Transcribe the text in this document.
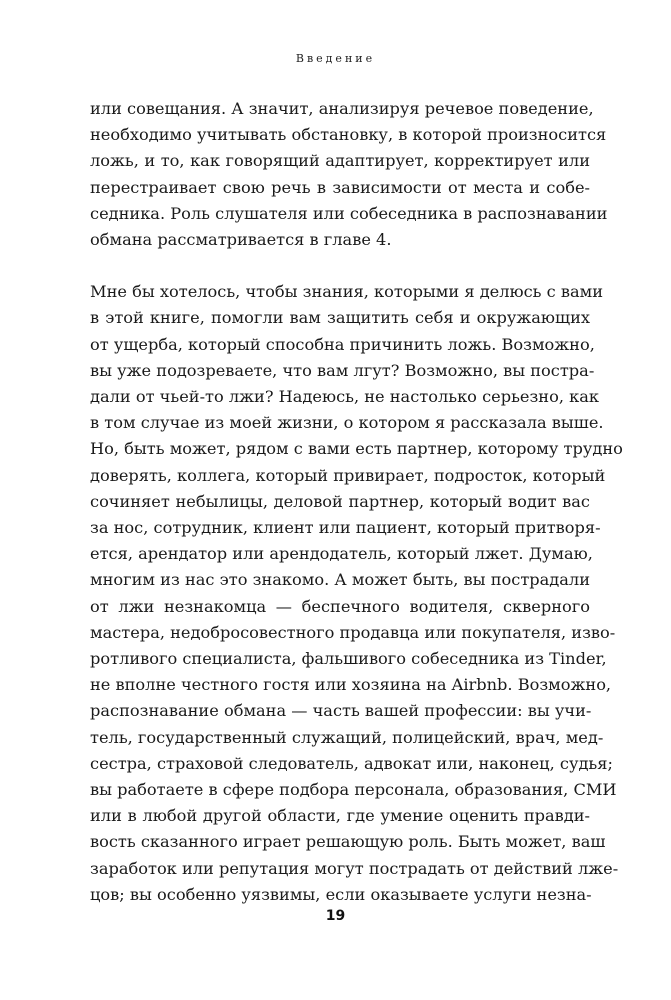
Введение

или совещания. А значит, анализируя речевое поведение,
необходимо учитывать обстановку, в которой произносится
ложь, и то, как говорящий адаптирует, корректирует или
перестраивает свою речь в зависимости от места и собе-
седника. Роль слушателя или собеседника в распознавании
обмана рассматривается в главе 4.

Мне бы хотелось, чтобы знания, которыми я делюсь с вами
в этой книге, помогли вам защитить себя и окружающих
от ущерба, который способна причинить ложь. Возможно,
вы уже подозреваете, что вам лгут? Возможно, вы постра-
дали от чьей-то лжи? Надеюсь, не настолько серьезно, как
в том случае из моей жизни, о котором я рассказала выше.
Но, быть может, рядом с вами есть партнер, которому трудно
доверять, коллега, который привирает, подросток, который
сочиняет небылицы, деловой партнер, который водит вас
за нос, сотрудник, клиент или пациент, который притворя-
ется, арендатор или арендодатель, который лжет. Думаю,
многим из нас это знакомо. А может быть, вы пострадали
от лжи незнакомца — беспечного водителя, скверного
мастера, недобросовестного продавца или покупателя, изво-
ротливого специалиста, фальшивого собеседника из Tinder,
не вполне честного гостя или хозяина на Airbnb. Возможно,
распознавание обмана — часть вашей профессии: вы учи-
тель, государственный служащий, полицейский, врач, мед-
сестра, страховой следователь, адвокат или, наконец, судья;
вы работаете в сфере подбора персонала, образования, СМИ
или в любой другой области, где умение оценить правди-
вость сказанного играет решающую роль. Быть может, ваш
заработок или репутация могут пострадать от действий лже-
цов; вы особенно уязвимы, если оказываете услуги незна-

19
